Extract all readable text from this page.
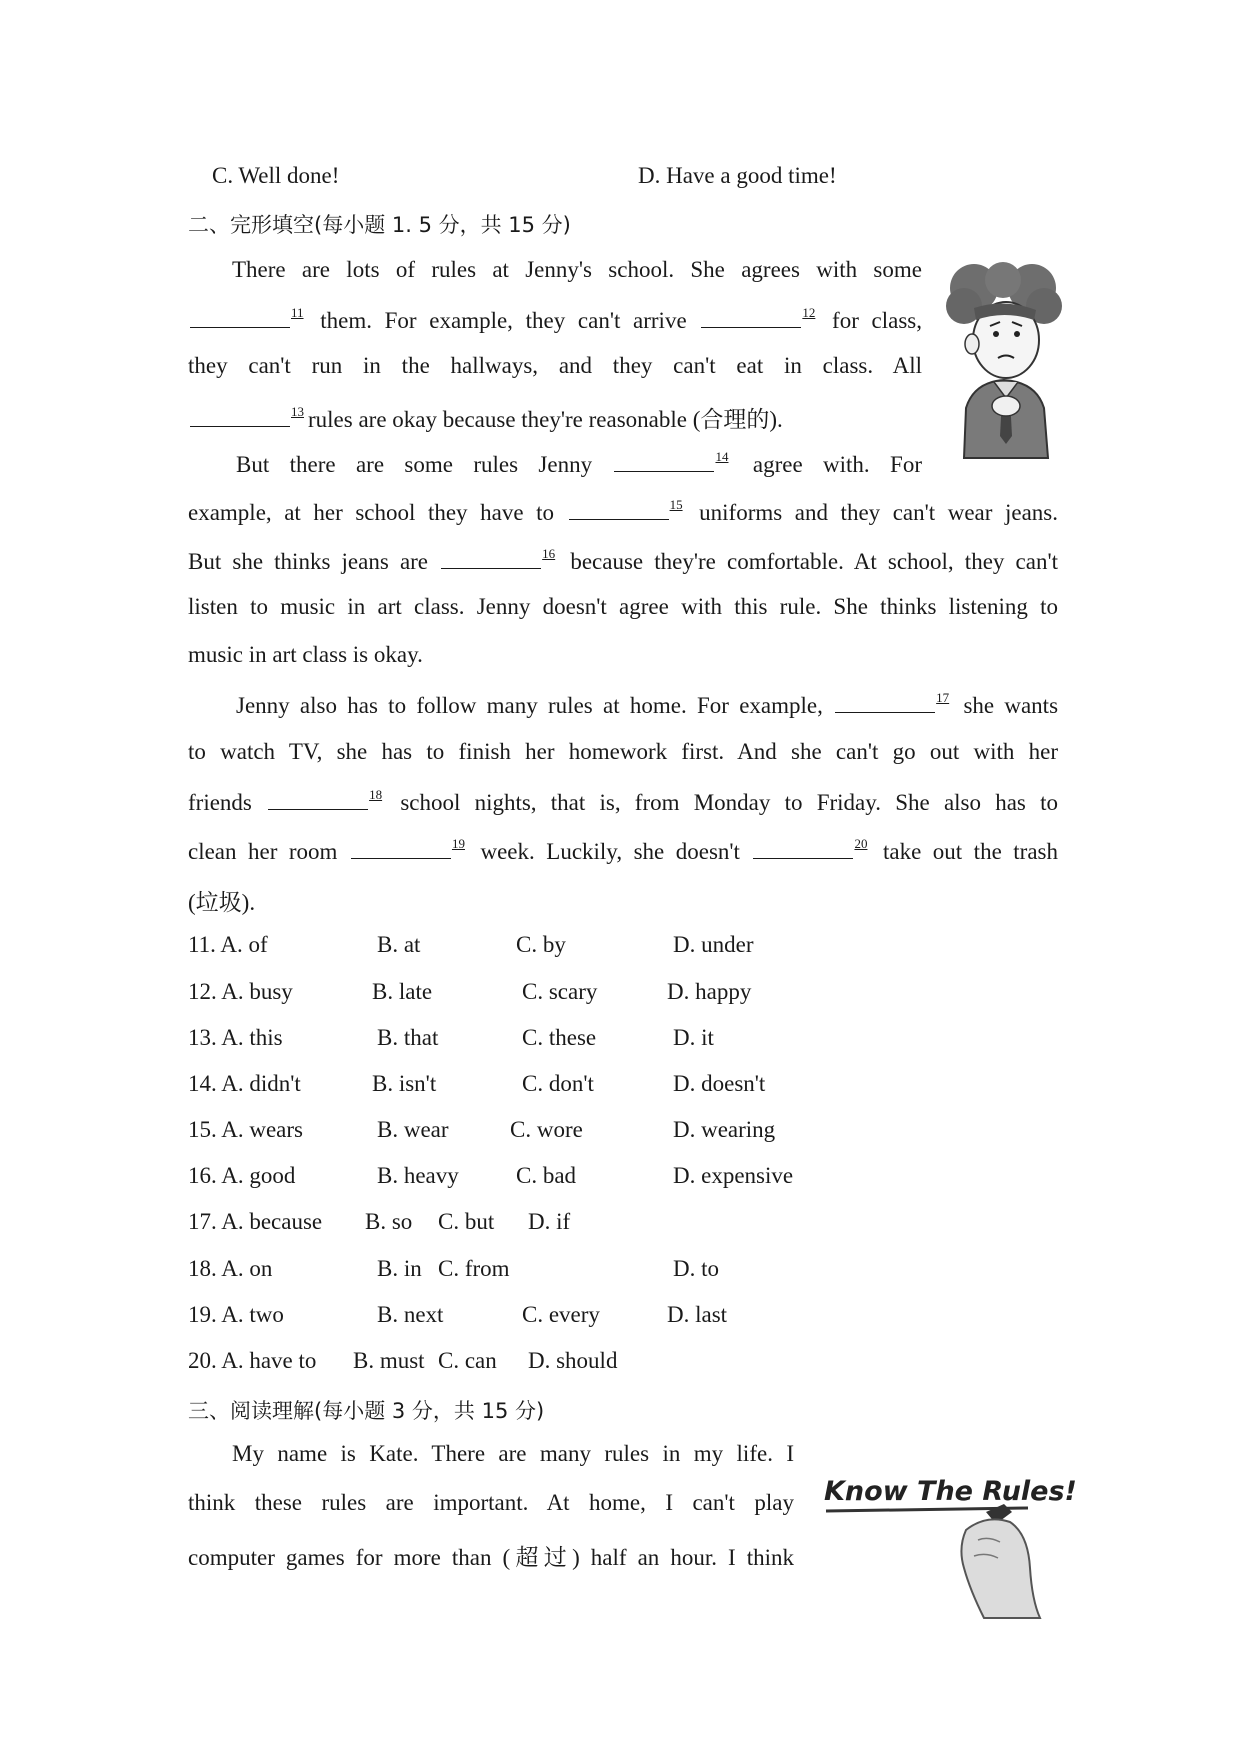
C. Well done!	D. Have a good time!
二、完形填空(每小题 1. 5 分，共 15 分)
There are lots of rules at Jenny's school. She agrees with some
$^{11}$ them. For example, they can't arrive	$^{12}$ for class,
they can't run in the hallways, and they can't eat in class. All
$^{13}$ rules are okay because they're reasonable (合理的).
But there are some rules Jenny	$^{14}$ agree with. For
example, at her school they have to	$^{15}$ uniforms and they can't wear jeans.
But she thinks jeans are	$^{16}$ because they're comfortable. At school, they can't
listen to music in art class. Jenny doesn't agree with this rule. She thinks listening to
music in art class is okay.
Jenny also has to follow many rules at home. For example,	$^{17}$ she wants
to watch TV, she has to finish her homework first. And she can't go out with her
friends	$^{18}$ school nights, that is, from Monday to Friday. She also has to
clean her room	$^{19}$ week. Luckily, she doesn't	$^{20}$ take out the trash
(垃圾).
11. A. of	B. at	C. by	D. under
12. A. busy	B. late	C. scary	D. happy
13. A. this	B. that	C. these	D. it
14. A. didn't	B. isn't	C. don't	D. doesn't
15. A. wears	B. wear	C. wore	D. wearing
16. A. good	B. heavy C. bad	D. expensive
17. A. because B. so C. but D. if
18. A. on	B. in C. from	D. to
19. A. two	B. next	C. every	D. last
20. A. have to B. must C. can D. should
三、阅读理解(每小题 3 分，共 15 分)
My name is Kate. There are many rules in my life. I
think these rules are important. At home, I can't play
computer games for more than (超过) half an hour. I think
Know The Rules!
